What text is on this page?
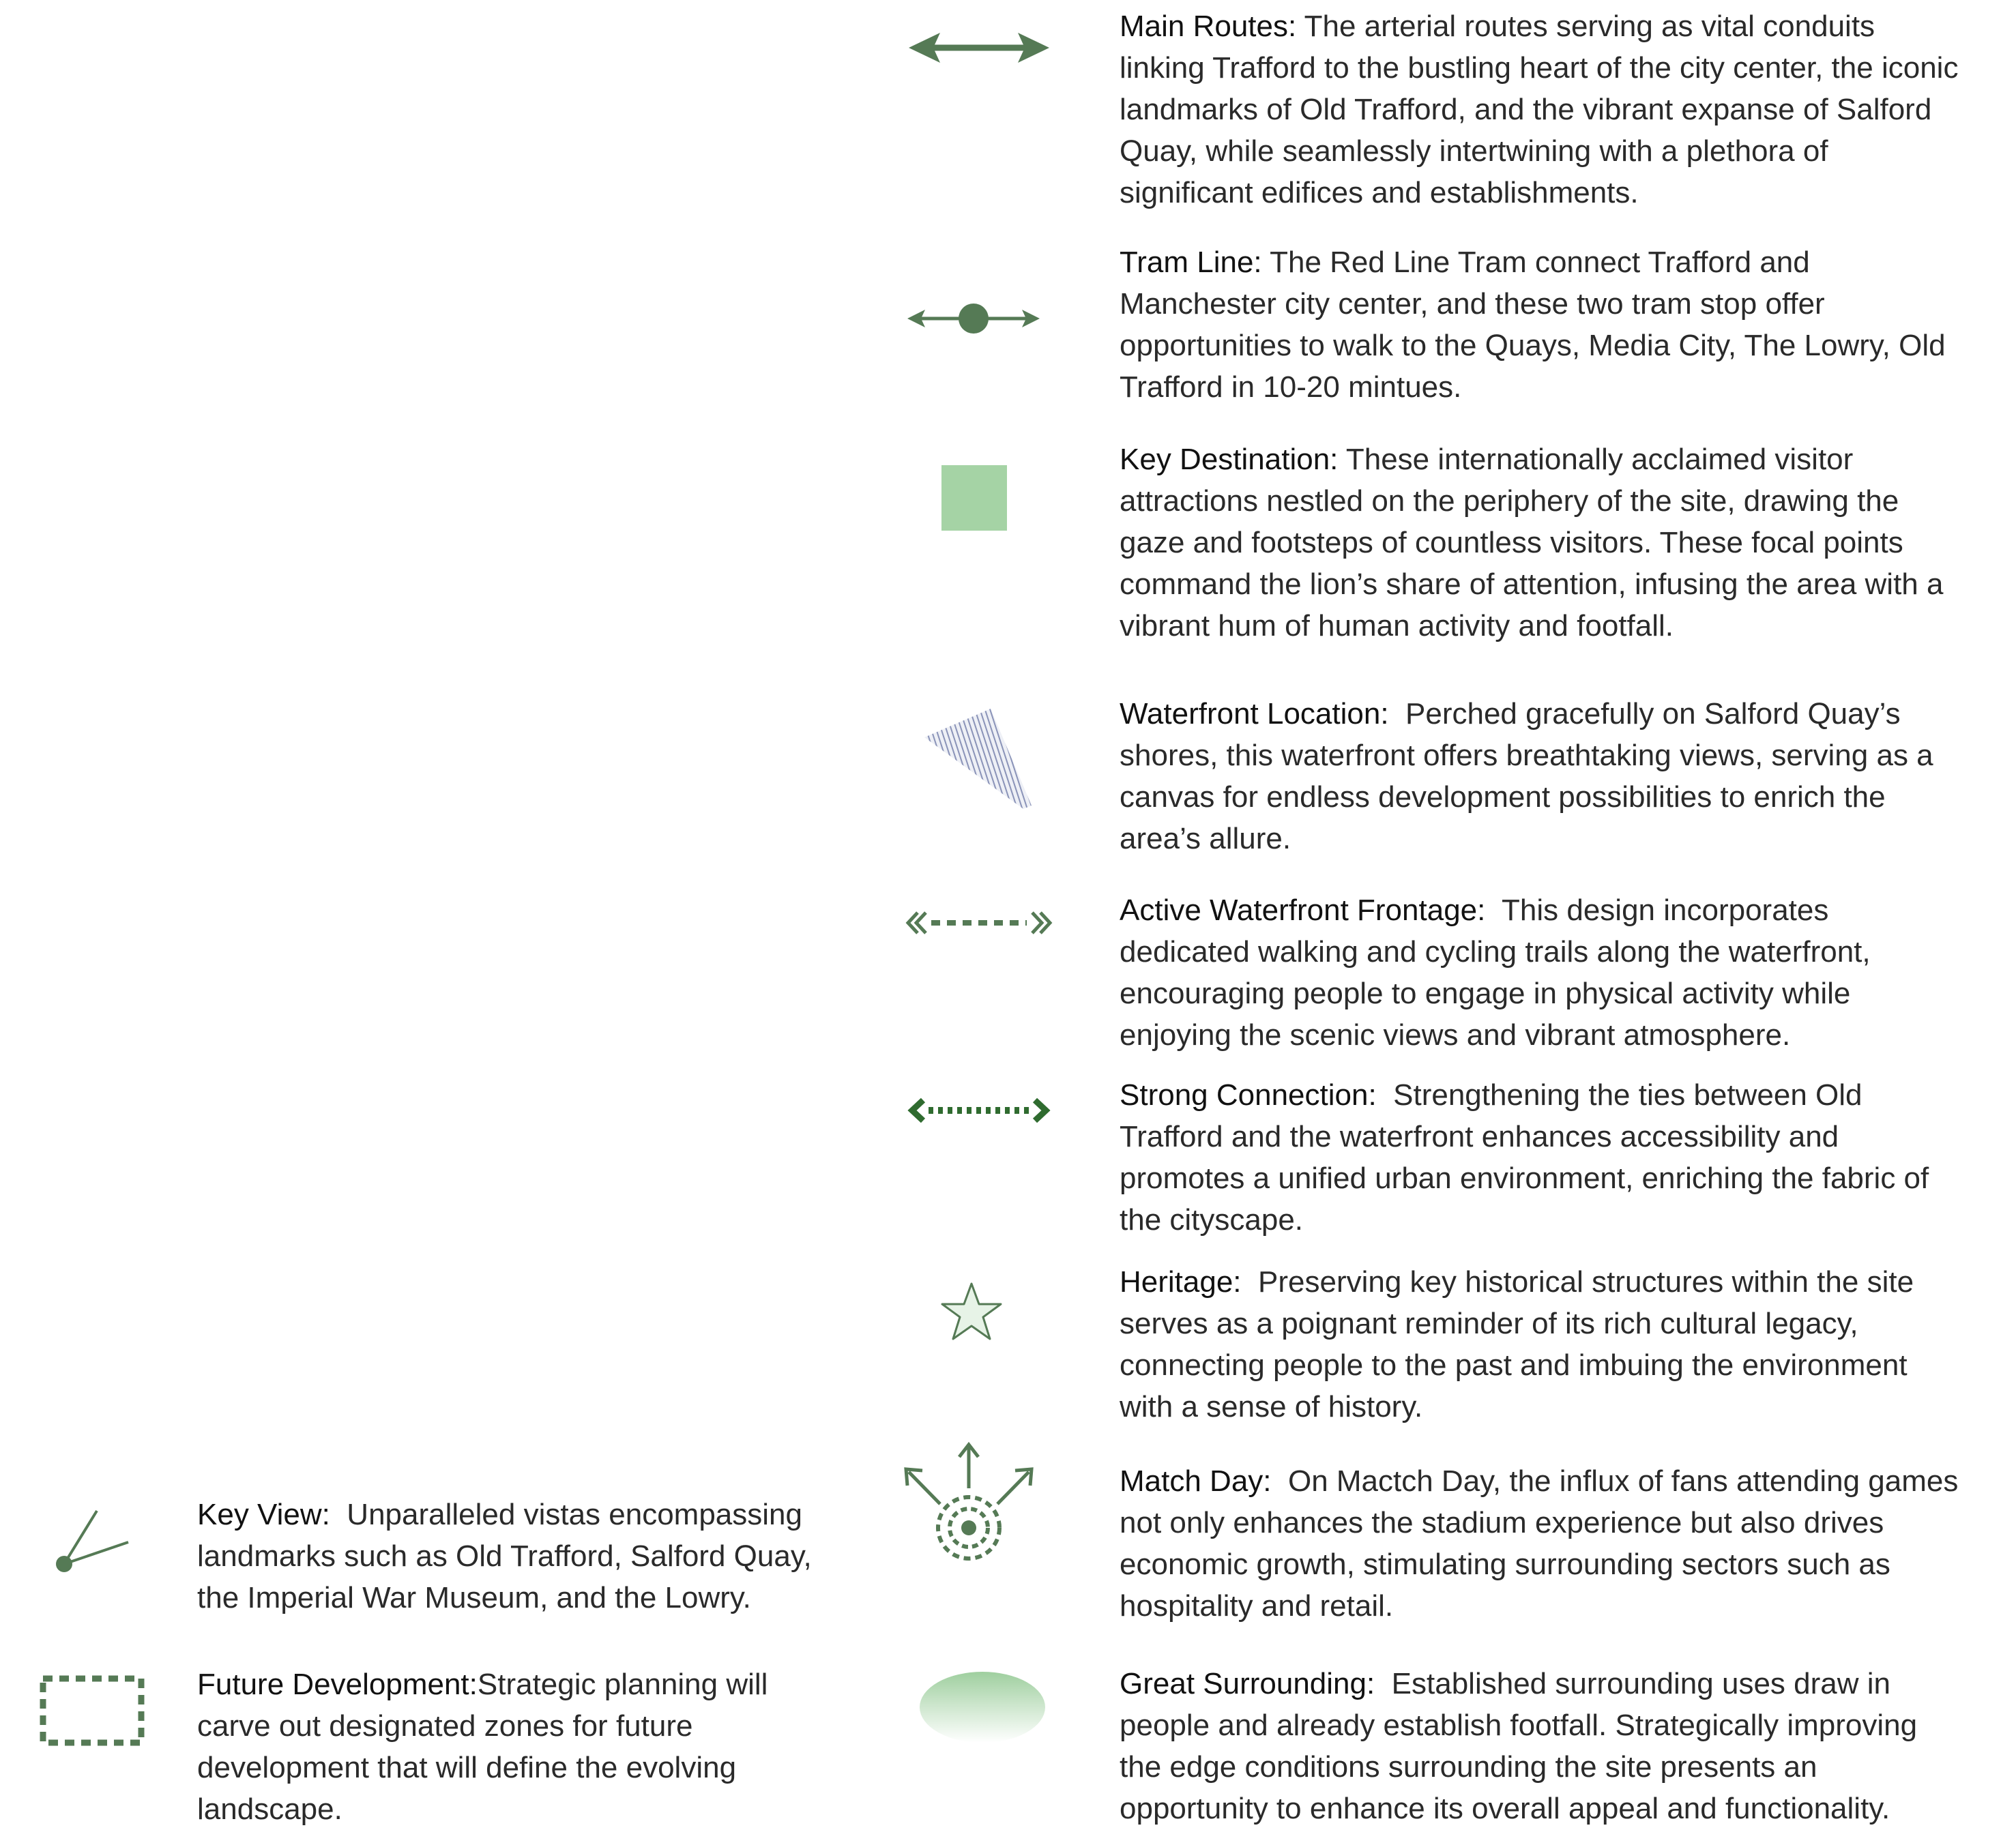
Main Routes: The arterial routes serving as vital conduits linking Trafford to the bustling heart of the city center, the iconic landmarks of Old Trafford, and the vibrant expanse of Salford Quay, while seamlessly intertwining with a plethora of significant edifices and establishments.
Tram Line: The Red Line Tram connect Trafford and Manchester city center, and these two tram stop offer opportunities to walk to the Quays, Media City, The Lowry, Old Trafford in 10-20 mintues.
Key Destination: These internationally acclaimed visitor attractions nestled on the periphery of the site, drawing the gaze and footsteps of countless visitors. These focal points command the lion’s share of attention, infusing the area with a vibrant hum of human activity and footfall.
Waterfront Location: Perched gracefully on Salford Quay’s shores, this waterfront offers breathtaking views, serving as a canvas for endless development possibilities to enrich the area’s allure.
Active Waterfront Frontage: This design incorporates dedicated walking and cycling trails along the waterfront, encouraging people to engage in physical activity while enjoying the scenic views and vibrant atmosphere.
Strong Connection: Strengthening the ties between Old Trafford and the waterfront enhances accessibility and promotes a unified urban environment, enriching the fabric of the cityscape.
Heritage: Preserving key historical structures within the site serves as a poignant reminder of its rich cultural legacy, connecting people to the past and imbuing the environment with a sense of history.
Match Day: On Mactch Day, the influx of fans attending games not only enhances the stadium experience but also drives economic growth, stimulating surrounding sectors such as hospitality and retail.
Great Surrounding: Established surrounding uses draw in people and already establish footfall. Strategically improving the edge conditions surrounding the site presents an opportunity to enhance its overall appeal and functionality.
Key View: Unparalleled vistas encompassing landmarks such as Old Trafford, Salford Quay, the Imperial War Museum, and the Lowry.
Future Development:Strategic planning will carve out designated zones for future development that will define the evolving landscape.
